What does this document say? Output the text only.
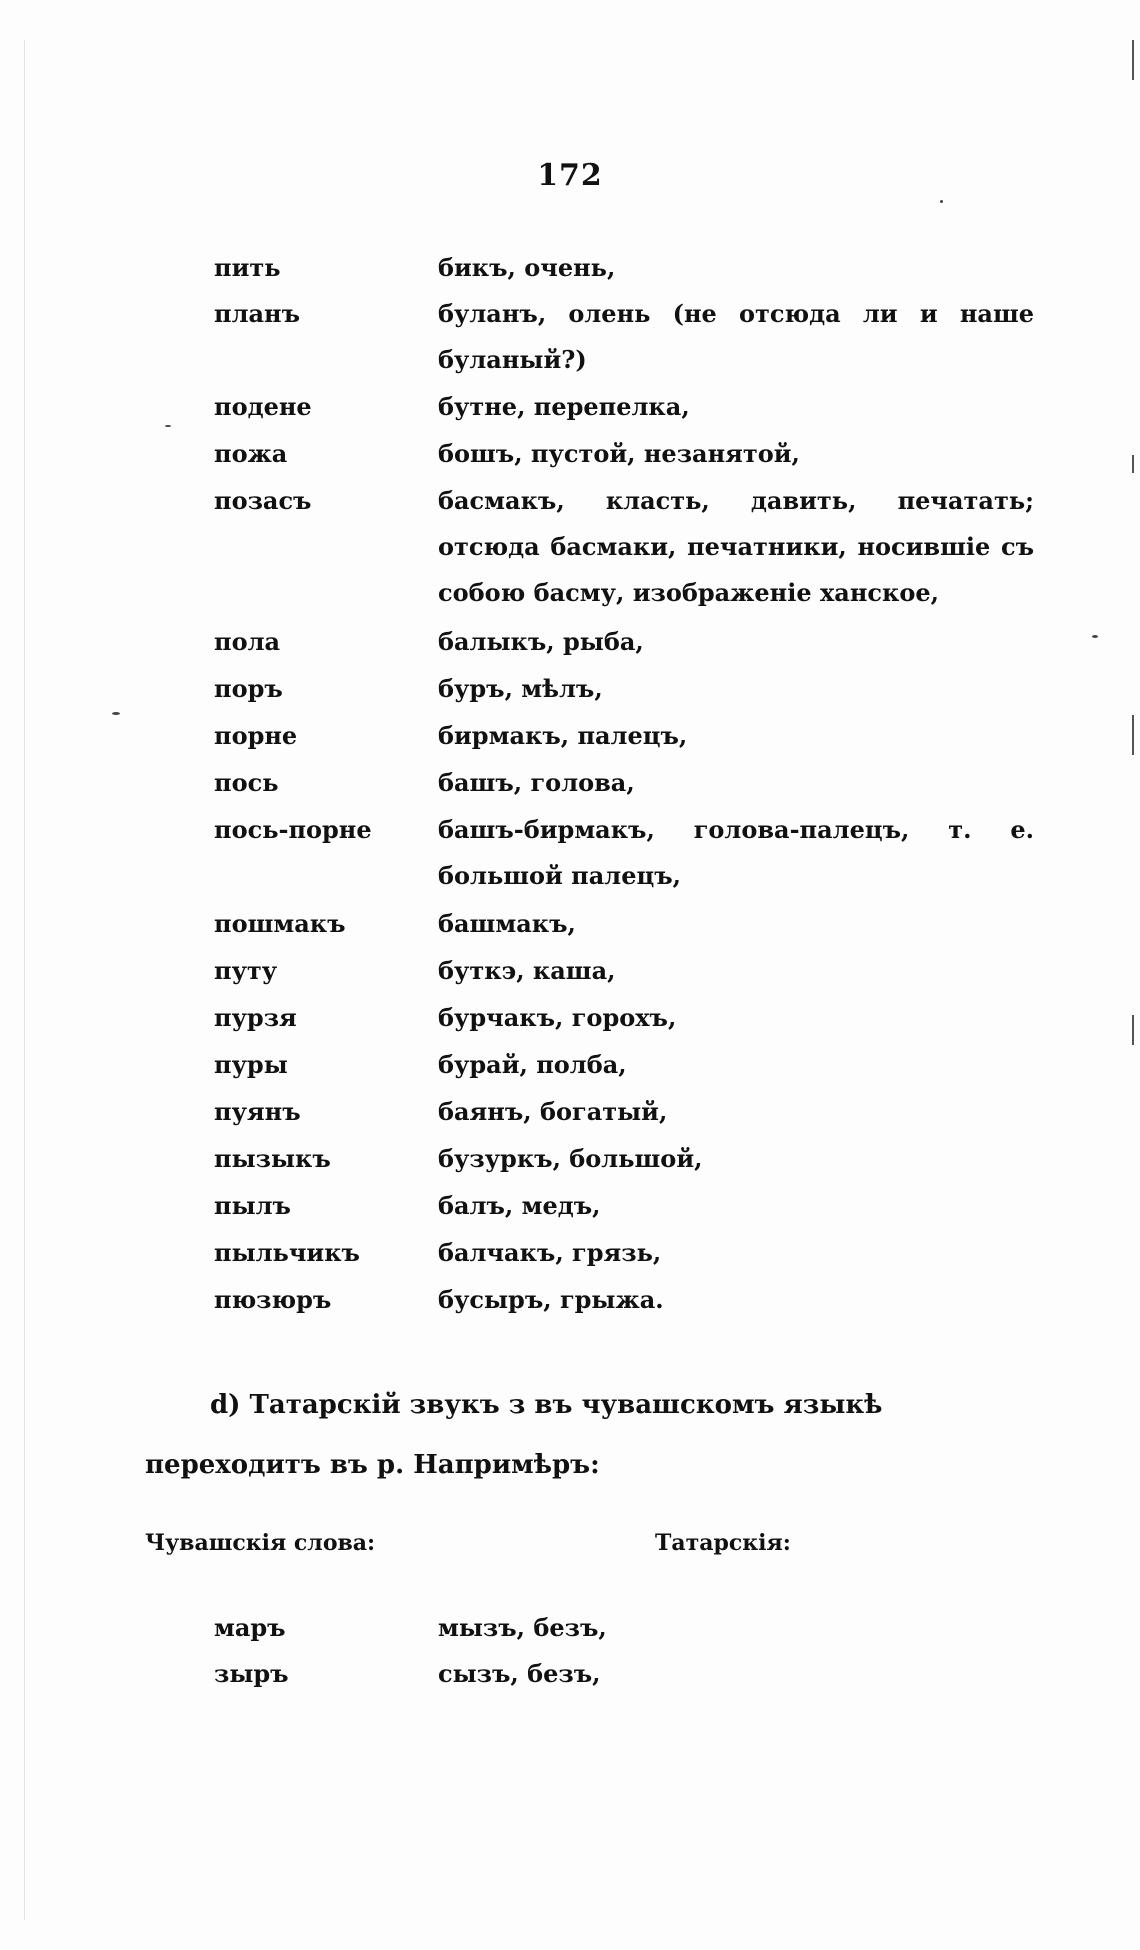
172
пить	бикъ, очень,
планъ	буланъ, олень (не отсюда ли и наше буланый?)
подене	бутне, перепелка,
пожа	бошъ, пустой, незанятой,
позасъ	басмакъ, класть, давить, печатать; отсюда басмаки, печатники, носившіе съ собою басму, изображеніе ханское,
пола	балыкъ, рыба,
поръ	буръ, мѣлъ,
порне	бирмакъ, палецъ,
пось	башъ, голова,
пось-порне	башъ-бирмакъ, голова-палецъ, т. е. большой палецъ,
пошмакъ	башмакъ,
путу	буткэ, каша,
пурзя	бурчакъ, горохъ,
пуры	бурай, полба,
пуянъ	баянъ, богатый,
пызыкъ	бузуркъ, большой,
пылъ	балъ, медъ,
пыльчикъ	балчакъ, грязь,
пюзюръ	бусыръ, грыжа.
d) Татарскій звукъ з въ чувашскомъ языкѣ переходитъ въ р. Напримѣръ:
Чувашскія слова:	Татарскія:
маръ	мызъ, безъ,
зыръ	сызъ, безъ,
